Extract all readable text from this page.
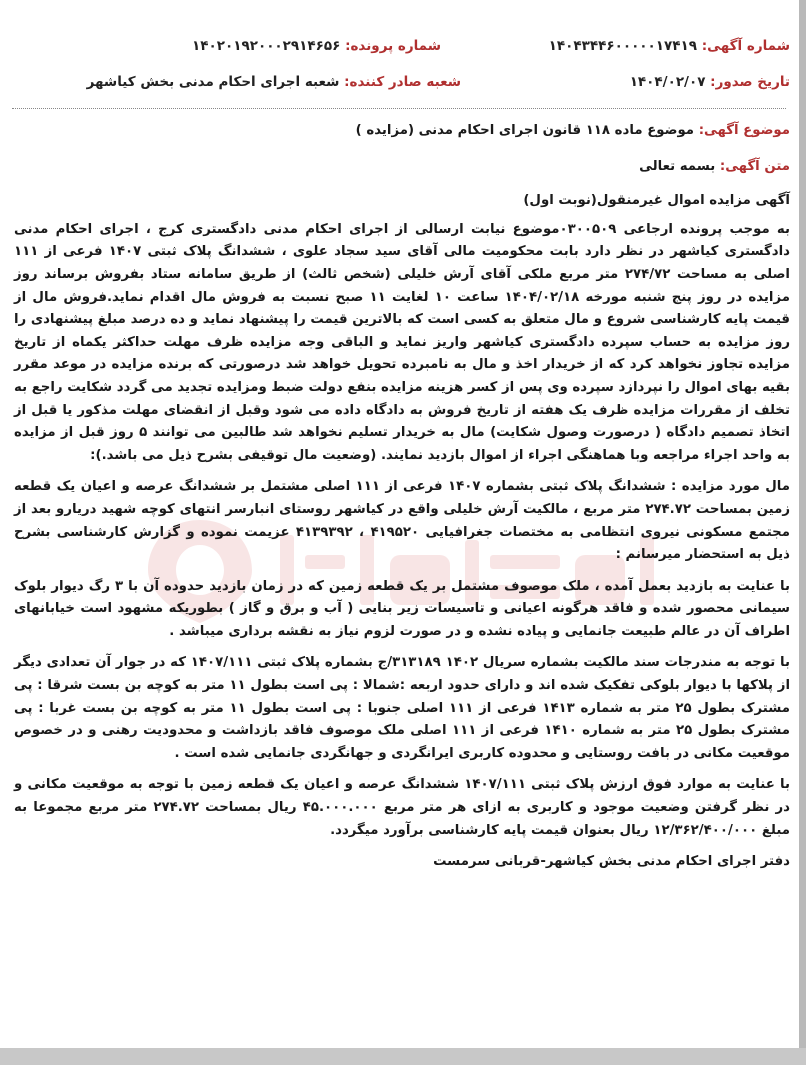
شماره آگهی: ۱۴۰۴۳۴۴۶۰۰۰۰۰۱۷۴۱۹
شماره پرونده: ۱۴۰۲۰۱۹۲۰۰۰۲۹۱۴۶۵۶
تاریخ صدور: ۱۴۰۴/۰۲/۰۷
شعبه صادر کننده: شعبه اجرای احکام مدنی بخش کیاشهر
موضوع آگهی: موضوع ماده ۱۱۸ قانون اجرای احکام مدنی (مزایده )
متن آگهی: بسمه تعالی
آگهی مزایده اموال غیرمنقول(نوبت اول)

به موجب پرونده ارجاعی ۰۳۰۰۵۰۹موضوع نیابت ارسالی از اجرای احکام مدنی دادگستری کرج ، اجرای احکام مدنی دادگستری کیاشهر در نظر دارد بابت محکومیت مالی آقای سید سجاد علوی ، ششدانگ پلاک ثبتی ۱۴۰۷ فرعی از ۱۱۱ اصلی به مساحت ۲۷۴/۷۲ متر مربع ملکی آقای آرش خلیلی (شخص ثالث) از طریق سامانه ستاد بفروش برساند روز مزایده در روز پنج شنبه مورخه ۱۴۰۴/۰۲/۱۸ ساعت ۱۰ لغایت ۱۱ صبح نسبت به فروش مال اقدام نماید.فروش مال از قیمت پایه کارشناسی شروع و مال متعلق به کسی است که بالاترین قیمت را پیشنهاد نماید و ده درصد مبلغ پیشنهادی را روز مزایده به حساب سپرده دادگستری کیاشهر واریز نماید و الباقی وجه مزایده ظرف مهلت حداکثر یکماه از تاریخ مزایده تجاوز نخواهد کرد که از خریدار اخذ و مال به نامبرده تحویل خواهد شد درصورتی که برنده مزایده در موعد مقرر بقیه بهای اموال را نپردازد سپرده وی پس از کسر هزینه مزایده بنفع دولت ضبط ومزایده تجدید می گردد شکایت راجع به تخلف از مقررات مزایده ظرف یک هفته از تاریخ فروش به دادگاه داده می شود وقبل از انقضای مهلت مذکور یا قبل از اتخاذ تصمیم دادگاه ( درصورت وصول شکایت) مال به خریدار تسلیم نخواهد شد طالبین می توانند ۵ روز قبل از مزایده به واحد اجراء مراجعه وبا هماهنگی اجراء از اموال بازدید نمایند. (وضعیت مال توقیفی بشرح ذیل می باشد.):

مال مورد مزایده : ششدانگ پلاک ثبتی بشماره ۱۴۰۷ فرعی از ۱۱۱ اصلی مشتمل بر ششدانگ عرصه و اعیان یک قطعه زمین بمساحت ۲۷۴.۷۲ متر مربع ، مالکیت آرش خلیلی واقع در کیاشهر روستای انبارسر انتهای کوچه شهید دریارو بعد از مجتمع مسکونی نیروی انتظامی به مختصات جغرافیایی ۴۱۹۵۲۰ ، ۴۱۳۹۳۹۲ عزیمت نموده و گزارش کارشناسی بشرح ذیل به استحضار میرسانم :

با عنایت به بازدید بعمل آمده ، ملک موصوف مشتمل بر یک قطعه زمین که در زمان بازدید حدوده آن با ۳ رگ دیوار بلوک سیمانی محصور شده و فاقد هرگونه اعیانی و تاسیسات زیر بنایی ( آب و برق و گاز ) بطوریکه مشهود است خیابانهای اطراف آن در عالم طبیعت جانمایی و پیاده نشده و در صورت لزوم نیاز به نقشه برداری میباشد .

با توجه به مندرجات سند مالکیت بشماره سریال ۱۴۰۲ ۳۱۳۱۸۹/ج بشماره پلاک ثبتی ۱۴۰۷/۱۱۱ که در جوار آن تعدادی دیگر از پلاکها با دیوار بلوکی تفکیک شده اند و دارای حدود اربعه :شمالا : پی است بطول ۱۱ متر به کوچه بن بست شرقا : پی مشترک بطول ۲۵ متر به شماره ۱۴۱۳ فرعی از ۱۱۱ اصلی جنوبا : پی است بطول ۱۱ متر به کوچه بن بست غربا : پی مشترک بطول ۲۵ متر به شماره ۱۴۱۰ فرعی از ۱۱۱ اصلی ملک موصوف فاقد بازداشت و محدودیت رهنی و در خصوص موقعیت مکانی در بافت روستایی و محدوده کاربری ایرانگردی و جهانگردی جانمایی شده است .

با عنایت به موارد فوق ارزش پلاک ثبتی ۱۴۰۷/۱۱۱ ششدانگ عرصه و اعیان یک قطعه زمین با توجه به موقعیت مکانی و در نظر گرفتن وضعیت موجود و کاربری به ازای هر متر مربع ۴۵.۰۰۰.۰۰۰ ریال بمساحت ۲۷۴.۷۲ متر مربع مجموعا به مبلغ ۱۲/۳۶۲/۴۰۰/۰۰۰ ریال بعنوان قیمت پایه کارشناسی برآورد میگردد.

دفتر اجرای احکام مدنی بخش کیاشهر-قربانی سرمست
